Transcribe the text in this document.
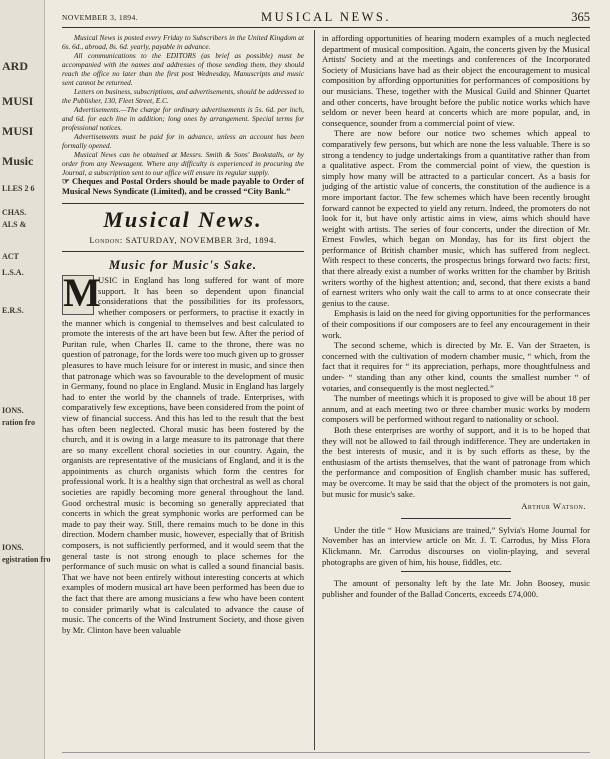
ARD
MUSI
MUSI
Music
LLES 2 6
CHAS.
ALS &
ACT
L.S.A.
E.R.S.
IONS.
ration fro
IONS.
egistration fro
NOVEMBER 3, 1894.	MUSICAL NEWS.	365

Musical News is posted every Friday to Subscribers in the United Kingdom at 6s. 6d., abroad, 8s. 6d. yearly, payable in advance.

All communications to the EDITORS (as brief as possible) must be accompanied with the names and addresses of those sending them, they should reach the office no later than the first post Wednesday, Manuscripts and music sent cannot be returned.

Letters on business, subscriptions, and advertisements, should be addressed to the Publisher, 130, Fleet Street, E.C.

Advertisements.—The charge for ordinary advertisements is 5s. 6d. per inch, and 6d. for each line in addition; long ones by arrangement. Special terms for professional notices.

Advertisements must be paid for in advance, unless an account has been formally opened.

Musical News can be obtained at Messrs. Smith & Sons' Bookstalls, or by order from any Newsagent. Where any difficulty is experienced in procuring the Journal, a subscription sent to our office will ensure its regular supply.

☞ Cheques and Postal Orders should be made payable to Order of Musical News Syndicate (Limited), and be crossed “City Bank.”

Musical News.
London: SATURDAY, NOVEMBER 3rd, 1894.
Music for Music's Sake.
M

USIC in England has long suffered for want of more support. It has been so dependent upon financial considerations that the possibilities for its professors, whether composers or performers, to practise it exactly in the manner which is congenial to themselves and best calculated to promote the interests of the art have been but few. After the period of Puritan rule, when Charles II. came to the throne, there was no question of patronage, for the lords were too much given up to grosser pleasures to have much leisure for or interest in music, and since then that patronage which was so favourable to the development of music in Germany, found no place in England. Music in England has largely had to enter the world by the channels of trade. Enterprises, with comparatively few exceptions, have been considered from the point of view of financial success. And this has led to the result that the best has often been neglected. Choral music has been fostered by the church, and it is owing in a large measure to its patronage that there are so many excellent choral societies in our country. Again, the organists are representative of the musicians of England, and it is the appointments as church organists which form the centres for professional work. It is a healthy sign that orchestral as well as choral societies are rapidly becoming more general throughout the land. Good orchestral music is becoming so generally appreciated that concerts in which the great symphonic works are performed can be made to pay their way. Still, there remains much to be done in this direction. Modern chamber music, however, especially that of British composers, is not sufficiently performed, and it would seem that the general taste is not strong enough to place schemes for the performance of such music on what is called a sound financial basis. That we have not been entirely without interesting concerts at which examples of modern musical art have been performed has been due to the fact that there are among musicians a few who have been content to consider primarily what is calculated to advance the cause of music. The concerts of the Wind Instrument Society, and those given by Mr. Clinton have been valuable

in affording opportunities of hearing modern examples of a much neglected department of musical composition. Again, the concerts given by the Musical Artists' Society and at the meetings and conferences of the Incorporated Society of Musicians have had as their object the encouragement to musical composition by affording opportunities for performances of compositions by our musicians. These, together with the Musical Guild and Shinner Quartet and other concerts, have brought before the public notice works which have seldom or never been heard at concerts which are more popular, and, in consequence, sounder from a commercial point of view.

There are now before our notice two schemes which appeal to comparatively few persons, but which are none the less valuable. There is so strong a tendency to judge undertakings from a quantitative rather than from a qualitative aspect. From the commercial point of view, the question is simply how many will be attracted to a particular concert. As a basis for judging of the artistic value of concerts, the constitution of the audience is a more important factor. The few schemes which have been recently brought forward cannot be expected to yield any return. Indeed, the promoters do not look for it, but have only artistic aims in view, aims which should have weight with artists. The series of four concerts, under the direction of Mr. Ernest Fowles, which began on Monday, has for its first object the performance of British chamber music, which has suffered from neglect. With respect to these concerts, the prospectus brings forward two facts: first, that there already exist a number of works written for the chamber by British writers worthy of the highest attention; and, second, that there exists a band of earnest writers who only wait the call to arms to at once consecrate their genius to the cause.

Emphasis is laid on the need for giving opportunities for the performances of their compositions if our composers are to feel any encouragement in their work.

The second scheme, which is directed by Mr. E. Van der Straeten, is concerned with the cultivation of modern chamber music, “ which, from the fact that it requires for “ its appreciation, perhaps, more thoughtfulness and under- “ standing than any other kind, counts the smallest number “ of votaries, and consequently is the most neglected.”

The number of meetings which it is proposed to give will be about 18 per annum, and at each meeting two or three chamber music works by modern composers will be performed without regard to nationality or school.

Both these enterprises are worthy of support, and it is to be hoped that they will not be allowed to fail through indifference. They are undertaken in the best interests of music, and it is by such efforts as these, by the enthusiasm of the artists themselves, that the want of patronage from which the performance and composition of English chamber music has suffered, may be overcome. It may be said that the object of the promoters is not gain, but music for music's sake.

Arthur Watson.

Under the title “ How Musicians are trained,” Sylvia's Home Journal for November has an interview article on Mr. J. T. Carrodus, by Miss Flora Klickmann. Mr. Carrodus discourses on violin-playing, and several photographs are given of him, his house, fiddles, etc.

The amount of personalty left by the late Mr. John Boosey, music publisher and founder of the Ballad Concerts, exceeds £74,000.
